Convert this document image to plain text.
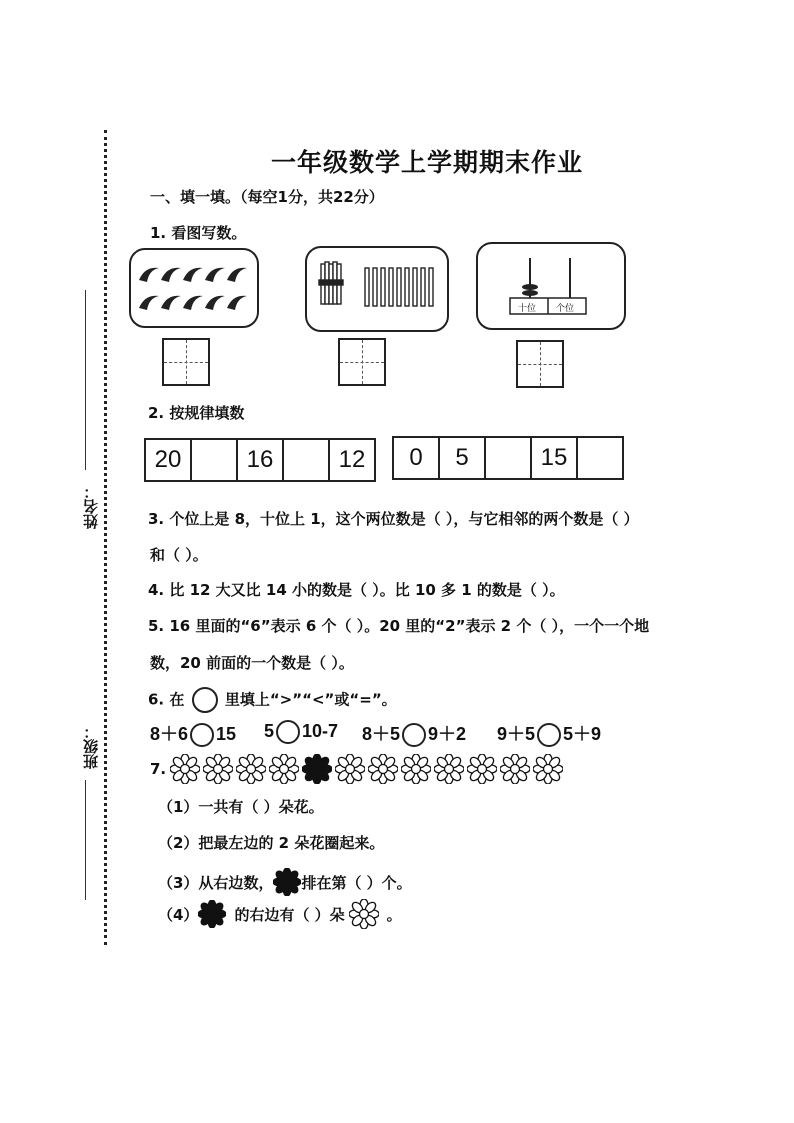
姓名：
班级：
一年级数学上学期期末作业
一、填一填。（每空1分，共22分）
1. 看图写数。
十位 个位
2. 按规律填数
20	16	12	0	5	15
3. 个位上是 8，十位上 1，这个两位数是（ ），与它相邻的两个数是（ ）
和（ ）。
4. 比 12 大又比 14 小的数是（ ）。比 10 多 1 的数是（ ）。
5. 16 里面的“6”表示 6 个（ ）。20 里的“2”表示 2 个（ ），一个一个地
数，20 前面的一个数是（ ）。
6. 在	里填上“>”“<”或“=”。
8＋6 15 5 10-7 8＋5 9＋2 9＋5 5＋9
7.
（1）一共有（ ）朵花。
（2）把最左边的 2 朵花圈起来。
（3）从右边数， 排在第（ ）个。
（4） 的右边有（ ）朵	。
